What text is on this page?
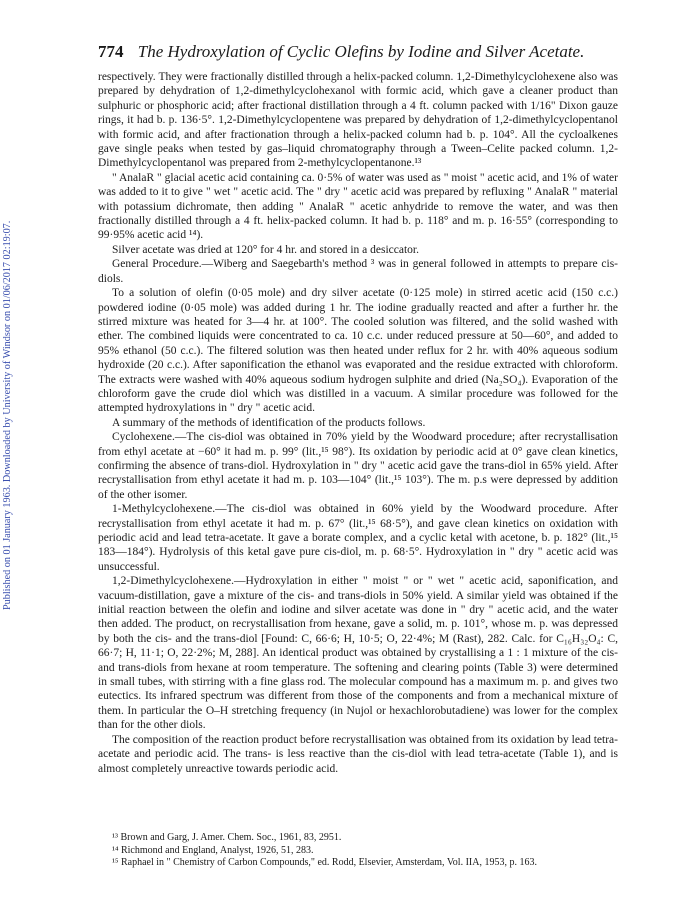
Published on 01 January 1963. Downloaded by University of Windsor on 01/06/2017 02:19:07.
774 The Hydroxylation of Cyclic Olefins by Iodine and Silver Acetate.

respectively. They were fractionally distilled through a helix-packed column. 1,2-Dimethylcyclohexene also was prepared by dehydration of 1,2-dimethylcyclohexanol with formic acid, which gave a cleaner product than sulphuric or phosphoric acid; after fractional distillation through a 4 ft. column packed with 1/16" Dixon gauze rings, it had b. p. 136·5°. 1,2-Dimethylcyclopentene was prepared by dehydration of 1,2-dimethylcyclopentanol with formic acid, and after fractionation through a helix-packed column had b. p. 104°. All the cycloalkenes gave single peaks when tested by gas–liquid chromatography through a Tween–Celite packed column. 1,2-Dimethylcyclopentanol was prepared from 2-methylcyclopentanone.¹³

" AnalaR " glacial acetic acid containing ca. 0·5% of water was used as " moist " acetic acid, and 1% of water was added to it to give " wet " acetic acid. The " dry " acetic acid was prepared by refluxing " AnalaR " material with potassium dichromate, then adding " AnalaR " acetic anhydride to remove the water, and was then fractionally distilled through a 4 ft. helix-packed column. It had b. p. 118° and m. p. 16·55° (corresponding to 99·95% acetic acid ¹⁴).

Silver acetate was dried at 120° for 4 hr. and stored in a desiccator.

General Procedure.—Wiberg and Saegebarth's method ³ was in general followed in attempts to prepare cis-diols.

To a solution of olefin (0·05 mole) and dry silver acetate (0·125 mole) in stirred acetic acid (150 c.c.) powdered iodine (0·05 mole) was added during 1 hr. The iodine gradually reacted and after a further hr. the stirred mixture was heated for 3—4 hr. at 100°. The cooled solution was filtered, and the solid washed with ether. The combined liquids were concentrated to ca. 10 c.c. under reduced pressure at 50—60°, and added to 95% ethanol (50 c.c.). The filtered solution was then heated under reflux for 2 hr. with 40% aqueous sodium hydroxide (20 c.c.). After saponification the ethanol was evaporated and the residue extracted with chloroform. The extracts were washed with 40% aqueous sodium hydrogen sulphite and dried (Na₂SO₄). Evaporation of the chloroform gave the crude diol which was distilled in a vacuum. A similar procedure was followed for the attempted hydroxylations in " dry " acetic acid.

A summary of the methods of identification of the products follows.

Cyclohexene.—The cis-diol was obtained in 70% yield by the Woodward procedure; after recrystallisation from ethyl acetate at −60° it had m. p. 99° (lit.,¹⁵ 98°). Its oxidation by periodic acid at 0° gave clean kinetics, confirming the absence of trans-diol. Hydroxylation in " dry " acetic acid gave the trans-diol in 65% yield. After recrystallisation from ethyl acetate it had m. p. 103—104° (lit.,¹⁵ 103°). The m. p.s were depressed by addition of the other isomer.

1-Methylcyclohexene.—The cis-diol was obtained in 60% yield by the Woodward procedure. After recrystallisation from ethyl acetate it had m. p. 67° (lit.,¹⁵ 68·5°), and gave clean kinetics on oxidation with periodic acid and lead tetra-acetate. It gave a borate complex, and a cyclic ketal with acetone, b. p. 182° (lit.,¹⁵ 183—184°). Hydrolysis of this ketal gave pure cis-diol, m. p. 68·5°. Hydroxylation in " dry " acetic acid was unsuccessful.

1,2-Dimethylcyclohexene.—Hydroxylation in either " moist " or " wet " acetic acid, saponification, and vacuum-distillation, gave a mixture of the cis- and trans-diols in 50% yield. A similar yield was obtained if the initial reaction between the olefin and iodine and silver acetate was done in " dry " acetic acid, and the water then added. The product, on recrystallisation from hexane, gave a solid, m. p. 101°, whose m. p. was depressed by both the cis- and the trans-diol [Found: C, 66·6; H, 10·5; O, 22·4%; M (Rast), 282. Calc. for C₁₆H₃₂O₄: C, 66·7; H, 11·1; O, 22·2%; M, 288]. An identical product was obtained by crystallising a 1 : 1 mixture of the cis- and trans-diols from hexane at room temperature. The softening and clearing points (Table 3) were determined in small tubes, with stirring with a fine glass rod. The molecular compound has a maximum m. p. and gives two eutectics. Its infrared spectrum was different from those of the components and from a mechanical mixture of them. In particular the O–H stretching frequency (in Nujol or hexachlorobutadiene) was lower for the complex than for the other diols.

The composition of the reaction product before recrystallisation was obtained from its oxidation by lead tetra-acetate and periodic acid. The trans- is less reactive than the cis-diol with lead tetra-acetate (Table 1), and is almost completely unreactive towards periodic acid.

¹³ Brown and Garg, J. Amer. Chem. Soc., 1961, 83, 2951.

¹⁴ Richmond and England, Analyst, 1926, 51, 283.

¹⁵ Raphael in " Chemistry of Carbon Compounds," ed. Rodd, Elsevier, Amsterdam, Vol. IIA, 1953, p. 163.
